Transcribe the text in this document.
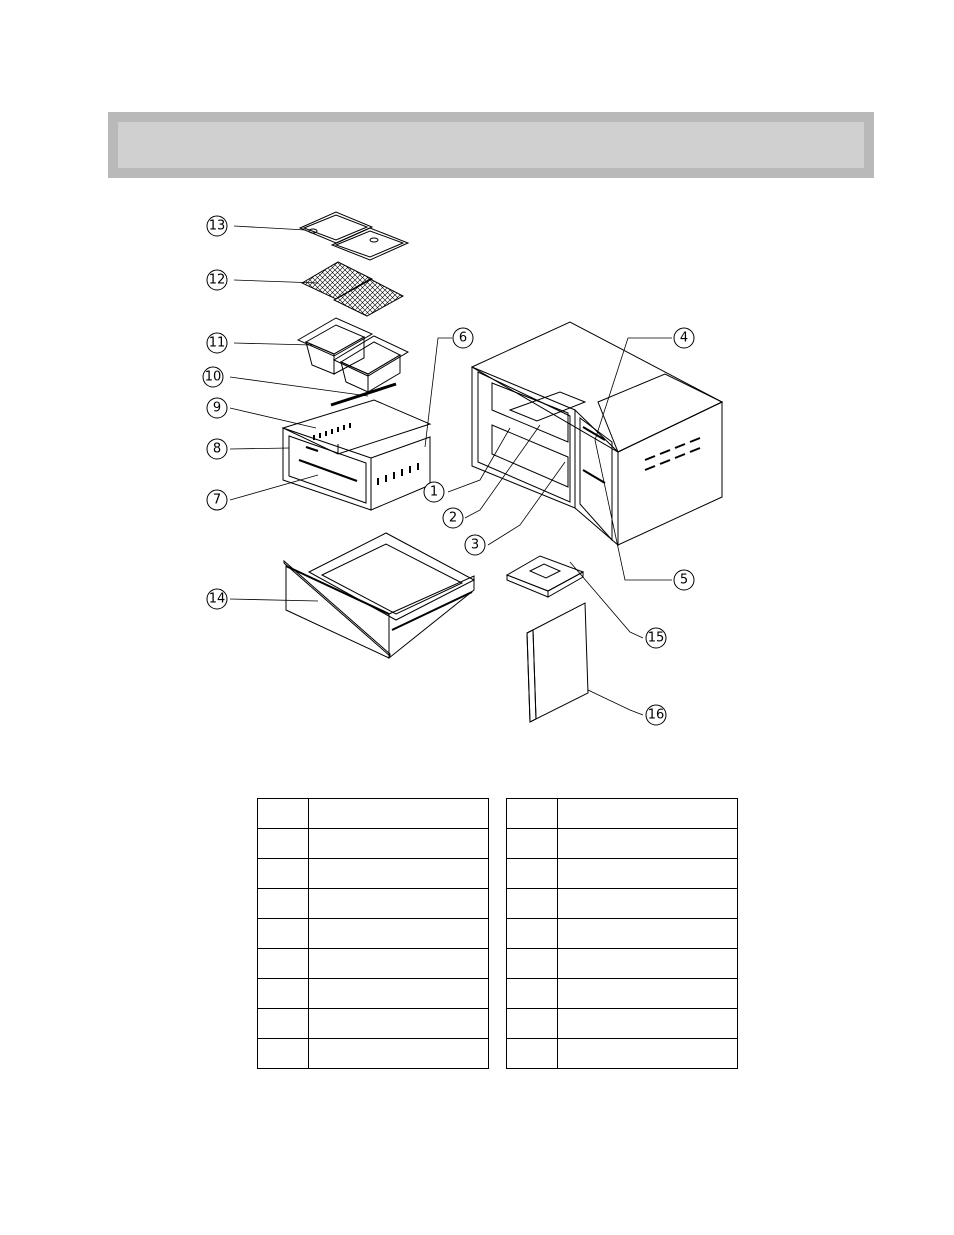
1
2
3
4
5
6
7
8
9
10
11
12
13
14
15
16
